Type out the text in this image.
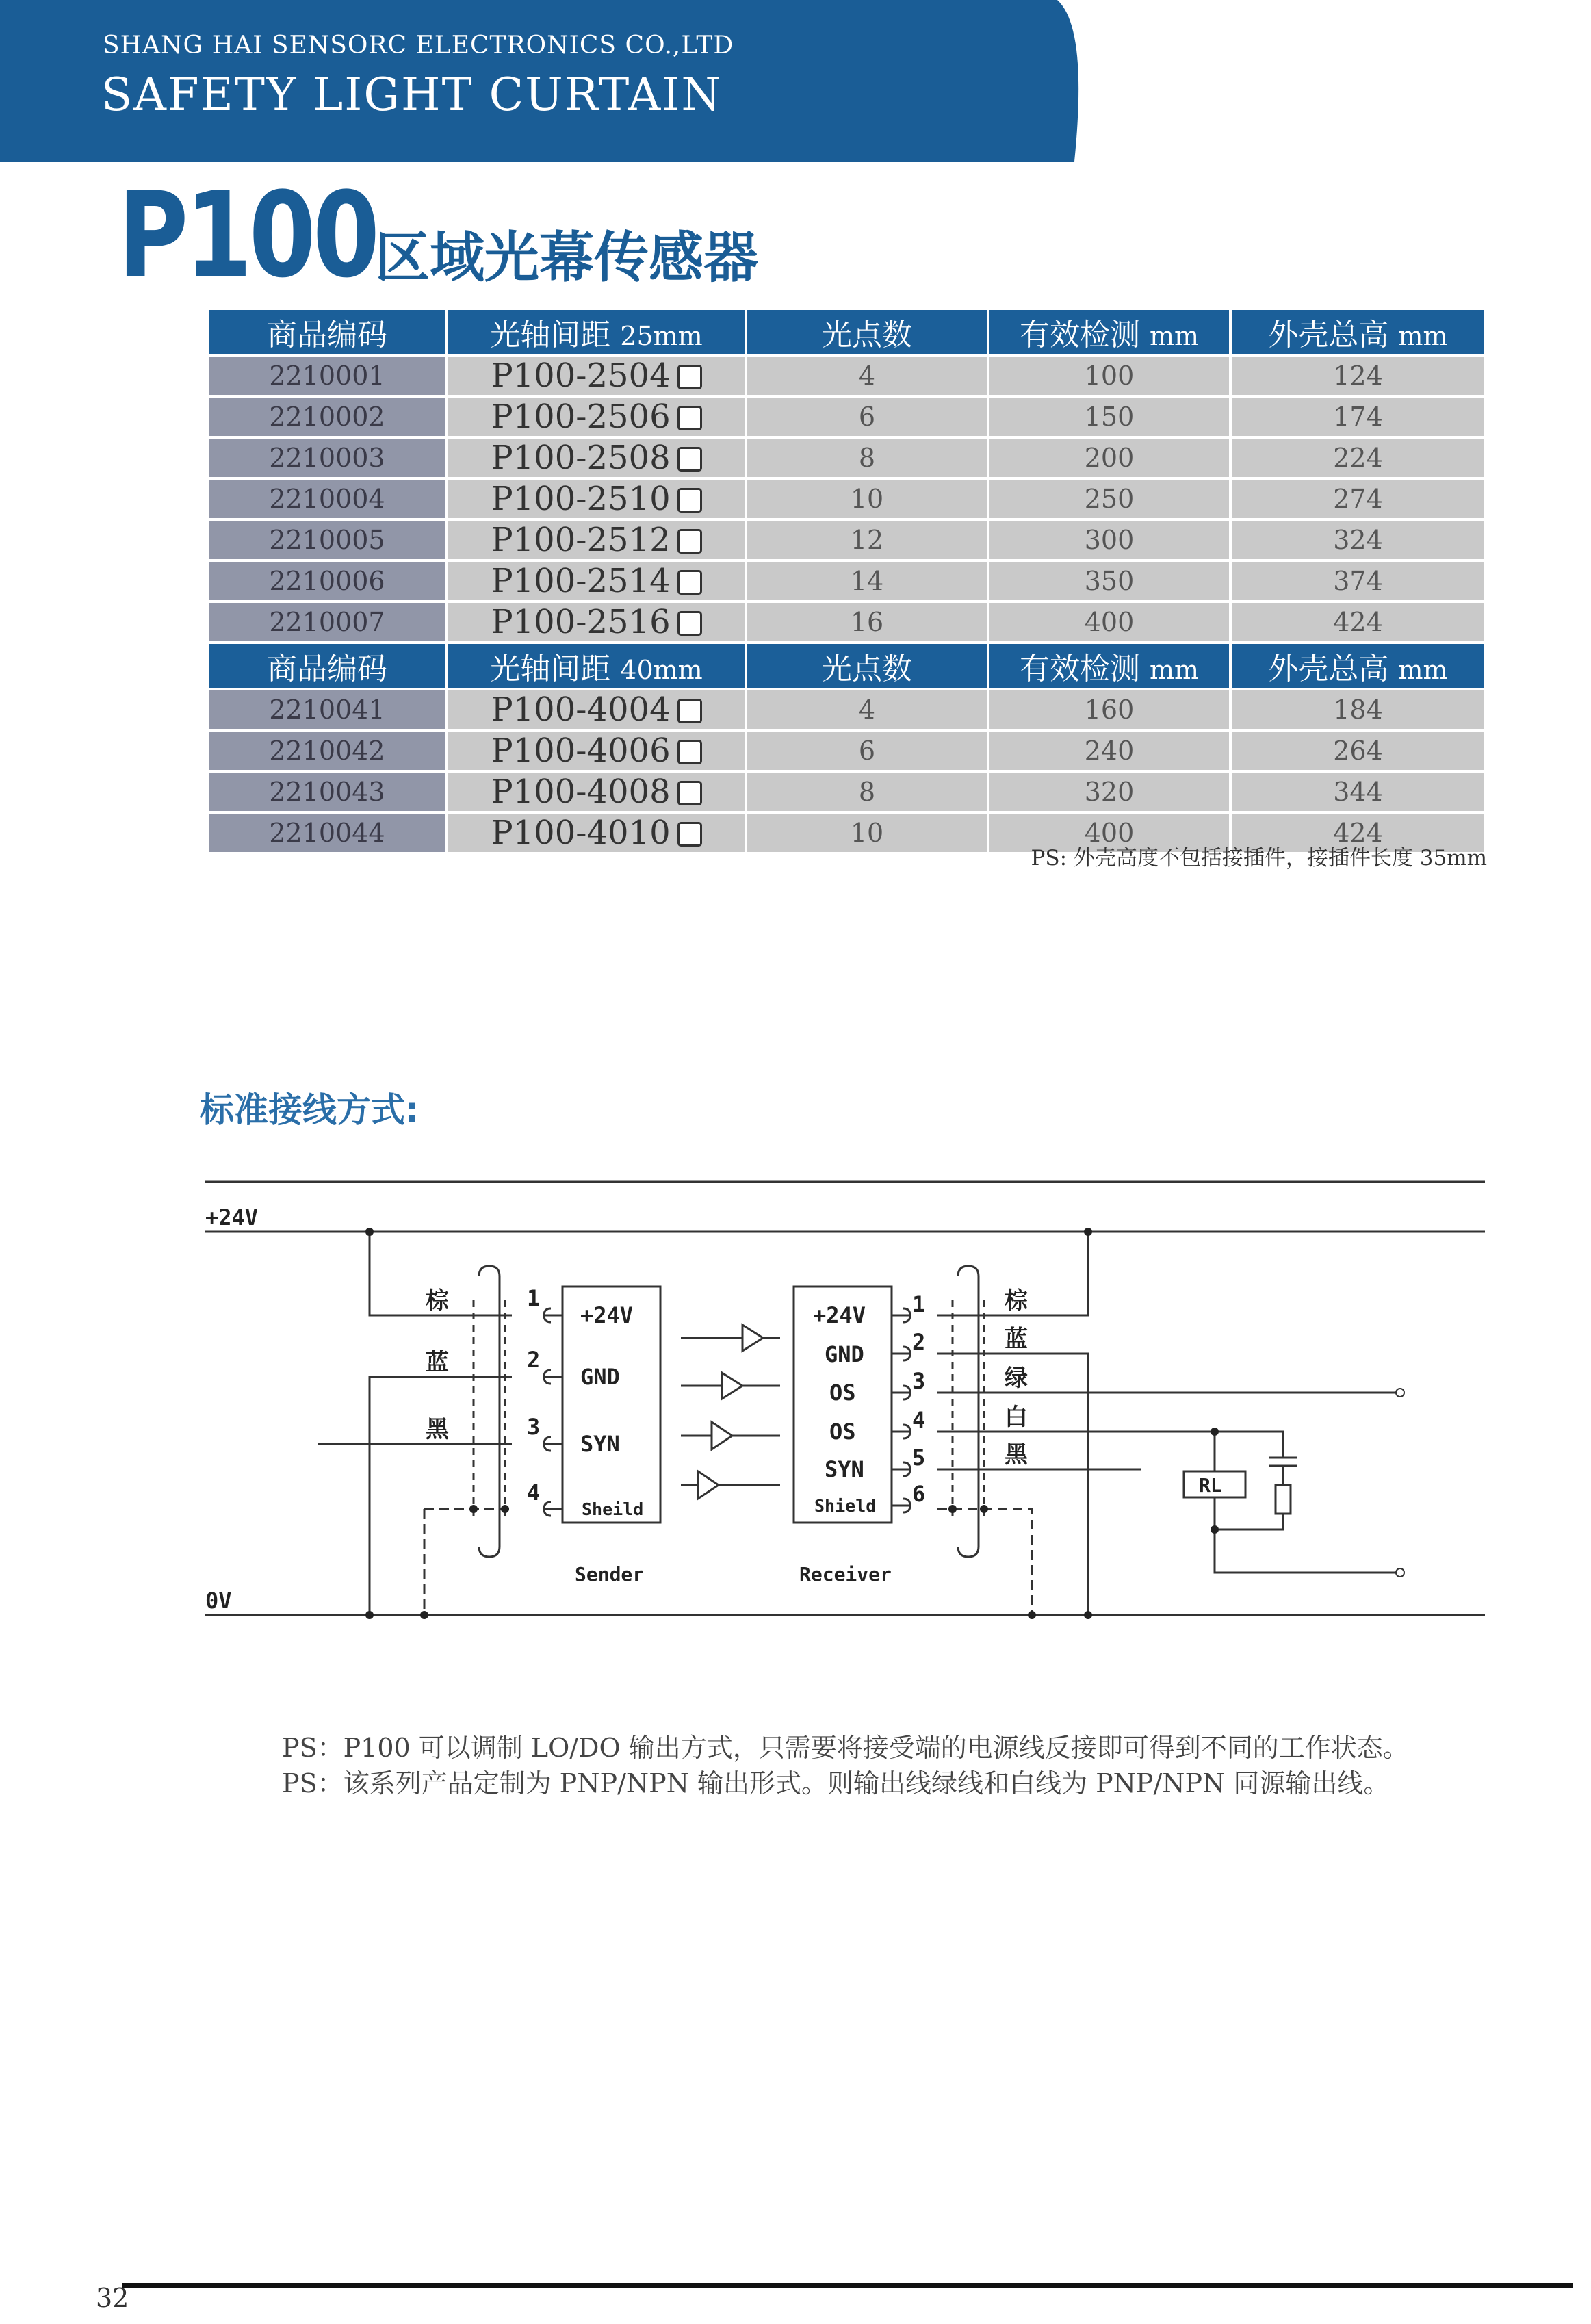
SHANG HAI SENSORC ELECTRONICS CO.,LTD
SAFETY LIGHT CURTAIN
P100
区域光幕传感器
商品编码	光轴间距 25mm	光点数	有效检测 mm	外壳总高 mm
2210001	P100-2504	4	100	124
2210002	P100-2506	6	150	174
2210003	P100-2508	8	200	224
2210004	P100-2510	10	250	274
2210005	P100-2512	12	300	324
2210006	P100-2514	14	350	374
2210007	P100-2516	16	400	424
商品编码	光轴间距 40mm	光点数	有效检测 mm	外壳总高 mm
2210041	P100-4004	4	160	184
2210042	P100-4006	6	240	264
2210043	P100-4008	8	320	344
2210044	P100-4010	10	400	424
PS: 外壳高度不包括接插件，接插件长度 35mm
标准接线方式:
+24V
0V
棕
蓝
黑
1
2
3
4
+24V
GND
SYN
Sheild
Sender
+24V
GND
OS
OS
SYN
Shield
1
2
3
4
5
6
棕
蓝
绿
白
黑
Receiver
RL
PS：P100 可以调制 LO/DO 输出方式，只需要将接受端的电源线反接即可得到不同的工作状态。
PS：该系列产品定制为 PNP/NPN 输出形式。则输出线绿线和白线为 PNP/NPN 同源输出线。
32
